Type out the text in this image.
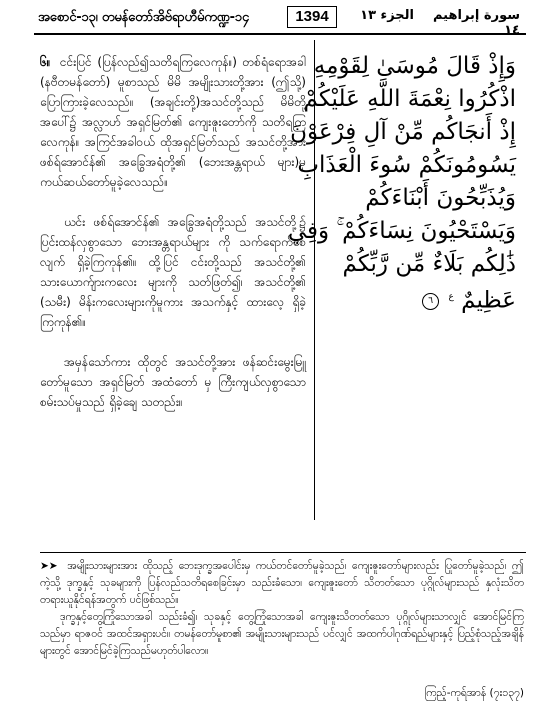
အစောင်-၁၃၊ တမန်တော်အိဗ်ရာဟီမ်ကဏ္ဍ-၁၄	1394	الجزء ١٣	سورة إبراهيم ١٤

၆။ ငင်းပြင် (ပြန်လည်၍သတိရကြလေကုန်။) တစ်ရံရောအခါ (နဗီတမန်တော်) မူစာသည် မိမိ အမျိုးသားတို့အား (ဤသို့) ပြောကြားခဲ့လေသည်။ (အချင်းတို့)အသင်တို့သည် မိမိတို့အပေါ်၌ အလ္လာဟ် အရှင်မြတ်၏ ကျေးဇူးတော်ကို သတိရကြလေကုန်။ အကြင်အခါဝယ် ထိုအရှင်မြတ်သည် အသင်တို့အား ဖစ်ရ်အောင်န်၏ အခြွေအရံတို့၏ (ဘေးအန္တရာယ် များ)မှ ကယ်ဆယ်တော်မူခဲ့လေသည်။

ယင်း ဖစ်ရ်အောင်န်၏ အခြွေအရံတို့သည် အသင်တို့၌ ပြင်းထန်လှစွာသော ဘေးအန္တရာယ်များ ကို သက်ရောက်စေလျက် ရှိခဲ့ကြကုန်၏။ ထို့ပြင် ငင်းတို့သည် အသင်တို့၏ သားယောက်ျားကလေး များကို သတ်ဖြတ်၍၊ အသင်တို့၏ (သမီး) မိန်းကလေးများကိုမူကား အသက်နှင့် ထားလေ့ ရှိခဲ့ကြကုန်၏။

အမှန်သော်ကား ထိုတွင် အသင်တို့အား ဖန်ဆင်းမွေးမြူတော်မူသော အရှင်မြတ် အထံတော် မှ ကြီးကျယ်လှစွာသော စမ်းသပ်မှုသည် ရှိခဲ့ချေ သတည်း။

وَإِذْ قَالَ مُوسَىٰ لِقَوْمِهِ
اذْكُرُوا نِعْمَةَ اللَّهِ عَلَيْكُمْ
إِذْ أَنجَاكُم مِّنْ آلِ فِرْعَوْنَ
يَسُومُونَكُمْ سُوءَ الْعَذَابِ
وَيُذَبِّحُونَ أَبْنَاءَكُمْ
وَيَسْتَحْيُونَ نِسَاءَكُمْ ۚ وَفِي
ذَٰلِكُم بَلَاءٌ مِّن رَّبِّكُمْ
عَظِيمٌ $^ع$ ٦

➤➤ အမျိုးသားများအား ထိုသည့် ဘေးဒုက္ခအပေါင်းမှ ကယ်တင်တော်မူခဲ့သည်၊ ကျေးဇူးတော်များလည်း ပြုတော်မူခဲ့သည်၊ ဤကဲ့သို့ ဒုက္ခနှင့် သုခများကို ပြန်လည်သတိရစေခြင်းမှာ သည်းခံသော၊ ကျေးဇူးတော် သိတတ်သော ပုဂ္ဂိုလ်များသည် နှလုံးသိတ တရားယူနိုင်ရန်အတွက် ပင်ဖြစ်သည်။

ဒုက္ခနှင့်တွေ့ကြုံသောအခါ သည်းခံ၍၊ သုခနှင့် တွေ့ကြုံသောအခါ ကျေးဇူးသိတတ်သော ပုဂ္ဂိုလ်များသာလျှင် အောင်မြင်ကြသည်မှာ ရာဇဝင် အထင်အရှားပင်။ တမန်တော်မူစာ၏ အမျိုးသားများသည် ပင်လျှင် အထက်ပါဂုဏ်ရည်များနှင့် ပြည့်စုံသည့်အချိန်များတွင် အောင်မြင်ခဲ့ကြသည်မဟုတ်ပါလော။

ကြည့်-ကုရ်အာန် (၇း၁၃၇)
